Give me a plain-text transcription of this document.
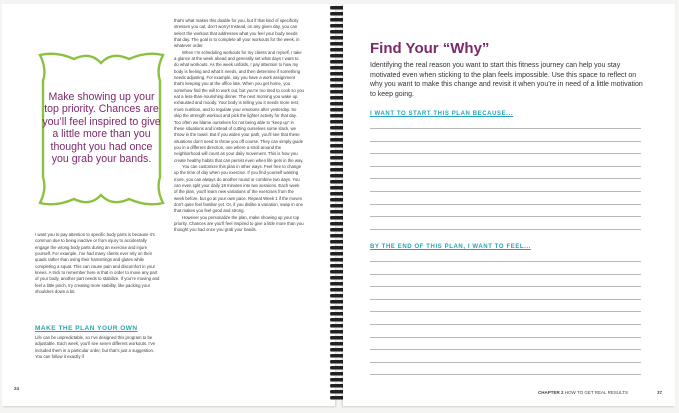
Make showing up your top priority. Chances are you’ll feel inspired to give a little more than you thought you had once you grab your bands.
I want you to pay attention to specific body parts is because it’s common due to being inactive or from injury to accidentally engage the wrong body parts during an exercise and injure yourself. For example, I’ve had many clients ever rely on their quads rather than using their hamstrings and glutes while completing a squat. This can cause pain and discomfort in your knees. A trick to remember here is that in order to move any part of your body, another part needs to stabilize. If you’re moving and feel a little pinch, try creating more stability, like packing your shoulders down a bit.
MAKE THE PLAN YOUR OWN
Life can be unpredictable, so I’ve designed this program to be adjustable. Each week, you’ll see seven different workouts. I’ve included them in a particular order, but that’s just a suggestion. You can follow it exactly if

that’s what makes this doable for you, but if that kind of specificity stresses you out, don’t worry! Instead, on any given day, you can select the workout that addresses what you feel your body needs that day. The goal is to complete all your workouts for the week, in whatever order.

When I’m scheduling workouts for my clients and myself, I take a glance at the week ahead and generally set what days I want to do what workouts. As the week unfolds, I pay attention to how my body is feeling and what it needs, and then determine if something needs adjusting. For example, say you have a work assignment that’s keeping you at the office late. When you get home, you somehow find the will to work out, but you’re too tired to cook so you eat a less-than-nourishing dinner. The next morning you wake up exhausted and moody. Your body is telling you it needs more rest, more nutrition, and to regulate your emotions after yesterday. So skip the strength workout and pick the lighter activity for that day. Too often we blame ourselves for not being able to “keep up” in these situations and instead of cutting ourselves some slack, we throw in the towel. But if you widen your path, you’ll see that these situations don’t need to throw you off course. They can simply guide you in a different direction, one where a stroll around the neighborhood will count as your daily movement. This is how you create healthy habits that can persist even when life gets in the way.

You can customize this plan in other ways. Feel free to change up the time of day when you exercise. If you find yourself wanting more, you can always do another round or combine two days. You can even split your daily 18 minutes into two sessions. Each week of the plan, you’ll learn new variations of the exercises from the week before, but go at your own pace. Repeat Week 1 if the moves don’t quite feel familiar yet. Or, if you dislike a variation, swap in one that makes you feel good and strong.

However you personalize the plan, make showing up your top priority. Chances are you’ll feel inspired to give a little more than you thought you had once you grab your bands.

24
Find Your “Why”
Identifying the real reason you want to start this fitness journey can help you stay motivated even when sticking to the plan feels impossible. Use this space to reflect on why you want to make this change and revisit it when you’re in need of a little motivation to keep going.
I WANT TO START THIS PLAN BECAUSE...
BY THE END OF THIS PLAN, I WANT TO FEEL...
CHAPTER 2 HOW TO GET REAL RESULTS	37
